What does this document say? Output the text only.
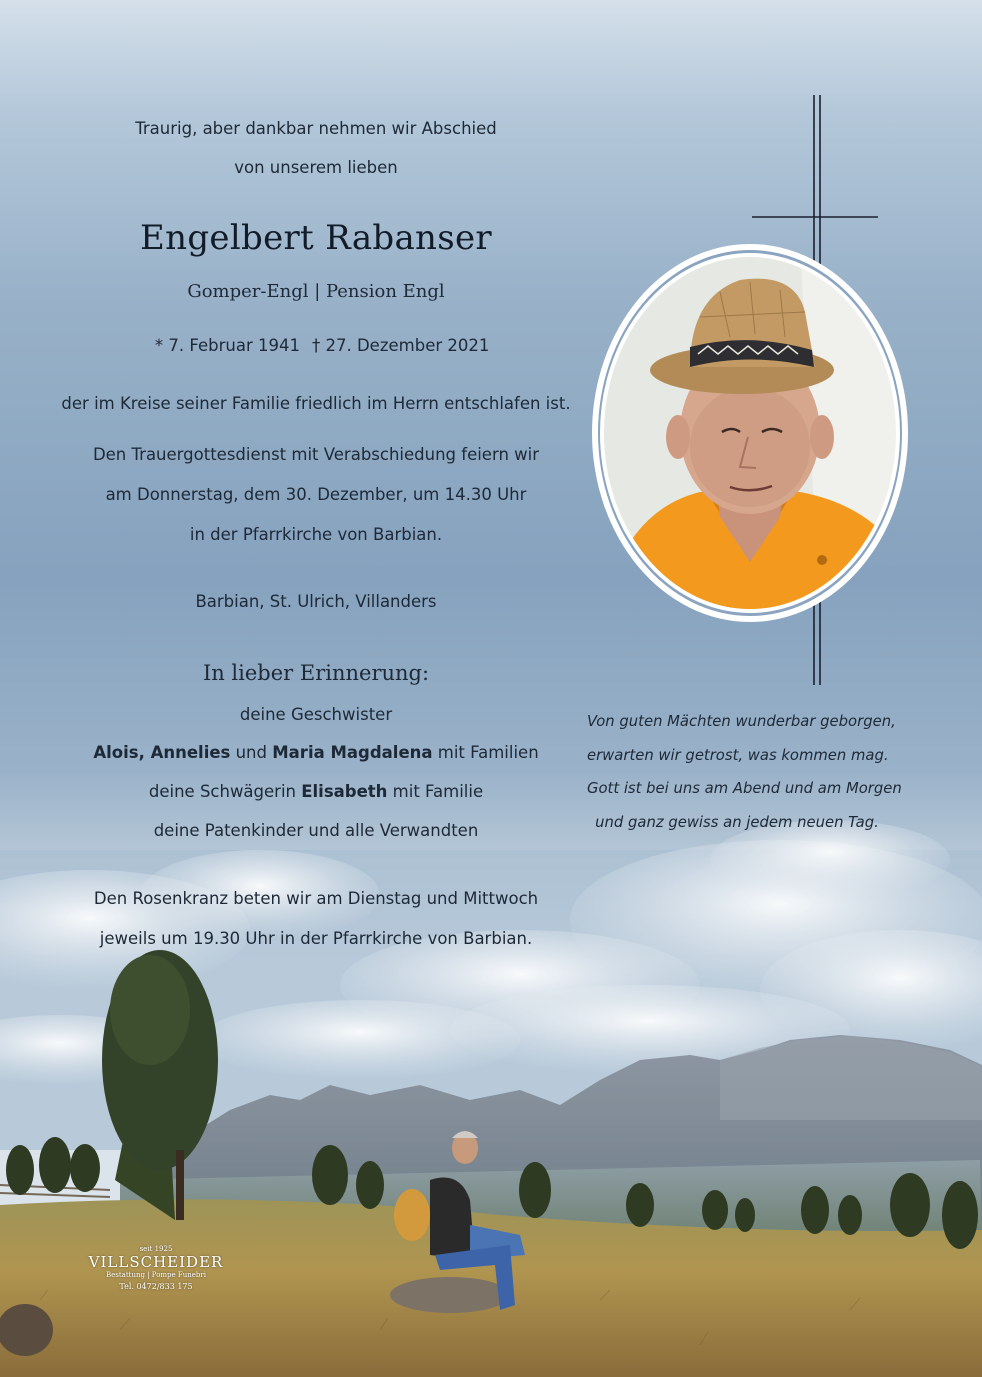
Traurig, aber dankbar nehmen wir Abschied
von unserem lieben
Engelbert Rabanser
Gomper-Engl | Pension Engl
* 7. Februar 1941 † 27. Dezember 2021
der im Kreise seiner Familie friedlich im Herrn entschlafen ist.
Den Trauergottesdienst mit Verabschiedung feiern wir
am Donnerstag, dem 30. Dezember, um 14.30 Uhr
in der Pfarrkirche von Barbian.
Barbian, St. Ulrich, Villanders
In lieber Erinnerung:
deine Geschwister
Alois, Annelies und Maria Magdalena mit Familien
deine Schwägerin Elisabeth mit Familie
deine Patenkinder und alle Verwandten
Den Rosenkranz beten wir am Dienstag und Mittwoch
jeweils um 19.30 Uhr in der Pfarrkirche von Barbian.
Von guten Mächten wunderbar geborgen,
erwarten wir getrost, was kommen mag.
Gott ist bei uns am Abend und am Morgen
und ganz gewiss an jedem neuen Tag.
seit 1925
VILLSCHEIDER
Bestattung | Pompe Funebri
Tel. 0472/833 175
